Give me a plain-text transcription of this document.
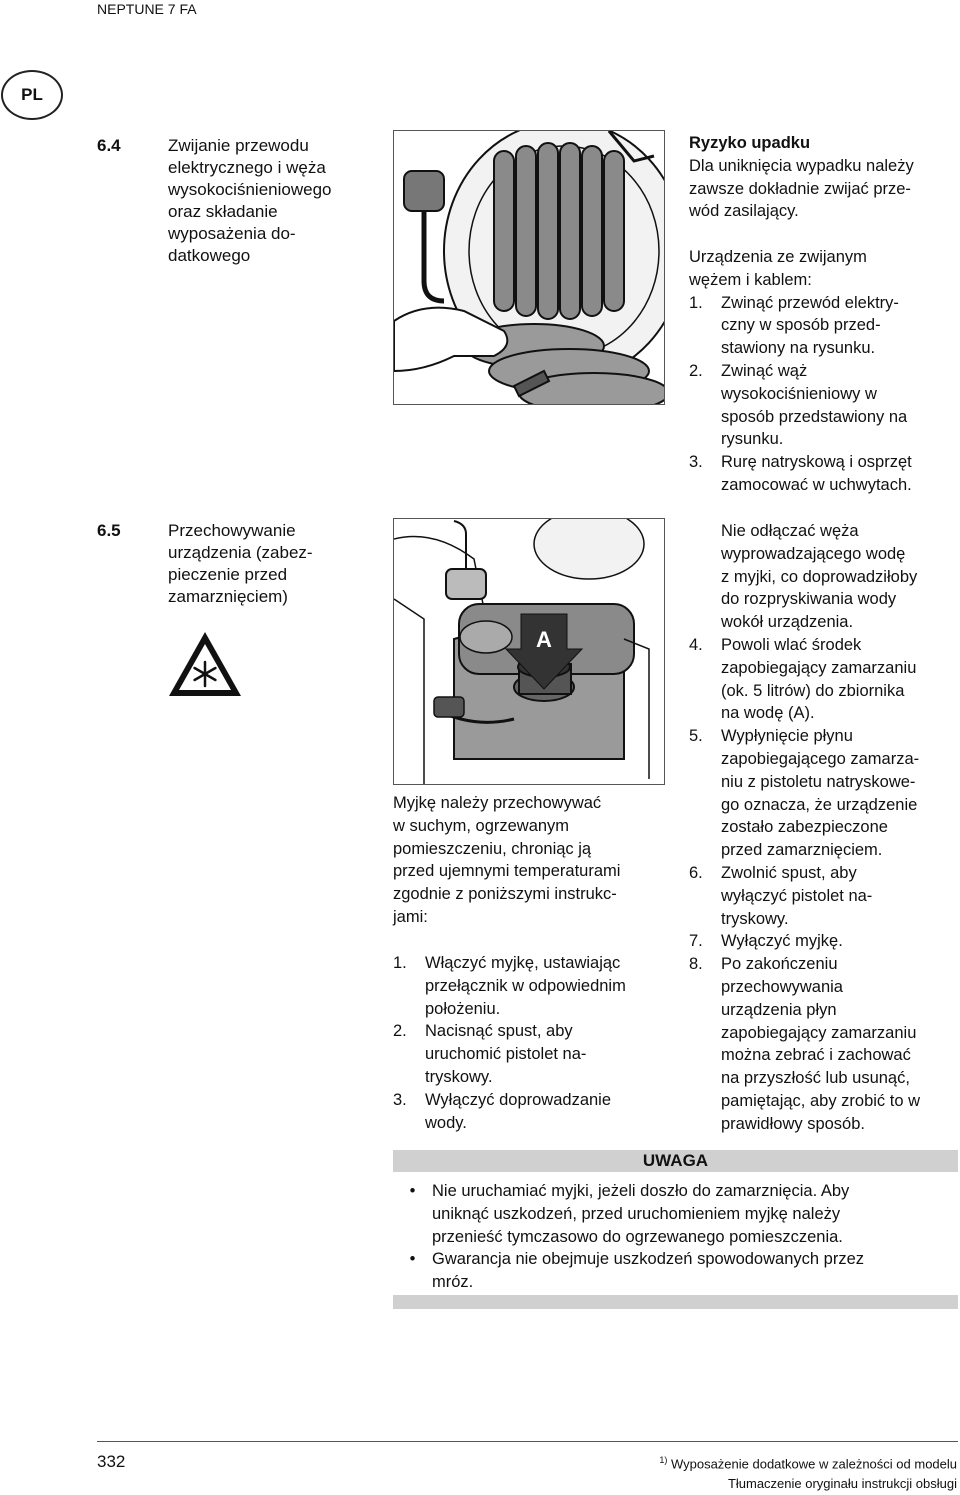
NEPTUNE 7 FA
PL
6.4	Zwijanie przewodu
elektrycznego i węża
wysokociśnieniowego
oraz składanie
wyposażenia do-
datkowego
Ryzyko upadku
Dla uniknięcia wypadku należy
zawsze dokładnie zwijać prze-
wód zasilający.
Urządzenia ze zwijanym
wężem i kablem:
1.	Zwinąć przewód elektry-
czny w sposób przed-
stawiony na rysunku.
2.	Zwinąć wąż
wysokociśnieniowy w
sposób przedstawiony na
rysunku.
3.	Rurę natryskową i osprzęt
zamocować w uchwytach.
6.5	Przechowywanie
urządzenia (zabez-
pieczenie przed
zamarznięciem)
A
Myjkę należy przechowywać
w suchym, ogrzewanym
pomieszczeniu, chroniąc ją
przed ujemnymi temperaturami
zgodnie z poniższymi instrukc-
jami:
1.	Włączyć myjkę, ustawiając
przełącznik w odpowiednim
położeniu.
2.	Nacisnąć spust, aby
uruchomić pistolet na-
tryskowy.
3.	Wyłączyć doprowadzanie
wody.
Nie odłączać węża
wyprowadzającego wodę
z myjki, co doprowadziłoby
do rozpryskiwania wody
wokół urządzenia.
4.	Powoli wlać środek
zapobiegający zamarzaniu
(ok. 5 litrów) do zbiornika
na wodę (A).
5.	Wypłynięcie płynu
zapobiegającego zamarza-
niu z pistoletu natryskowe-
go oznacza, że urządzenie
zostało zabezpieczone
przed zamarznięciem.
6.	Zwolnić spust, aby
wyłączyć pistolet na-
tryskowy.
7.	Wyłączyć myjkę.
8.	Po zakończeniu
przechowywania
urządzenia płyn
zapobiegający zamarzaniu
można zebrać i zachować
na przyszłość lub usunąć,
pamiętając, aby zrobić to w
prawidłowy sposób.
UWAGA
•	Nie uruchamiać myjki, jeżeli doszło do zamarznięcia. Aby
uniknąć uszkodzeń, przed uruchomieniem myjkę należy
przenieść tymczasowo do ogrzewanego pomieszczenia.
•	Gwarancja nie obejmuje uszkodzeń spowodowanych przez
mróz.
332	$^{1)}$ Wyposażenie dodatkowe w zależności od modelu
Tłumaczenie oryginału instrukcji obsługi
